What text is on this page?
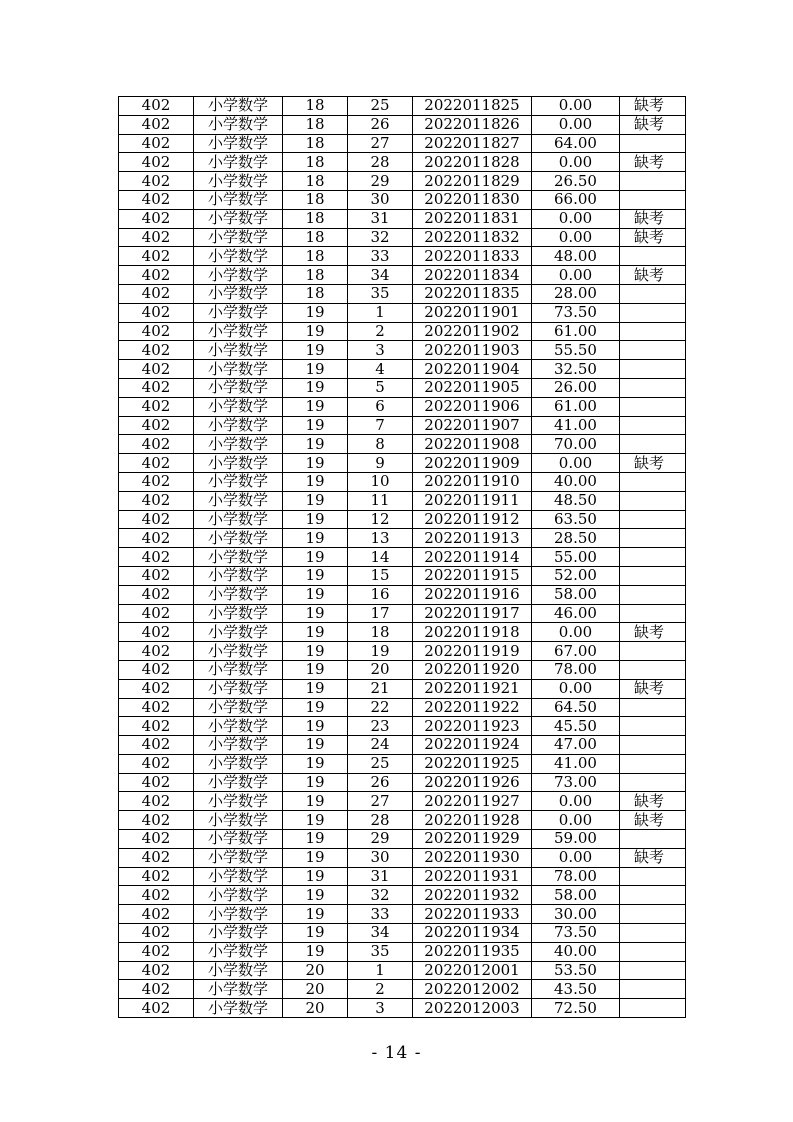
402	小学数学	18	25	2022011825	0.00	缺考
402	小学数学	18	26	2022011826	0.00	缺考
402	小学数学	18	27	2022011827	64.00	
402	小学数学	18	28	2022011828	0.00	缺考
402	小学数学	18	29	2022011829	26.50	
402	小学数学	18	30	2022011830	66.00	
402	小学数学	18	31	2022011831	0.00	缺考
402	小学数学	18	32	2022011832	0.00	缺考
402	小学数学	18	33	2022011833	48.00	
402	小学数学	18	34	2022011834	0.00	缺考
402	小学数学	18	35	2022011835	28.00	
402	小学数学	19	1	2022011901	73.50	
402	小学数学	19	2	2022011902	61.00	
402	小学数学	19	3	2022011903	55.50	
402	小学数学	19	4	2022011904	32.50	
402	小学数学	19	5	2022011905	26.00	
402	小学数学	19	6	2022011906	61.00	
402	小学数学	19	7	2022011907	41.00	
402	小学数学	19	8	2022011908	70.00	
402	小学数学	19	9	2022011909	0.00	缺考
402	小学数学	19	10	2022011910	40.00	
402	小学数学	19	11	2022011911	48.50	
402	小学数学	19	12	2022011912	63.50	
402	小学数学	19	13	2022011913	28.50	
402	小学数学	19	14	2022011914	55.00	
402	小学数学	19	15	2022011915	52.00	
402	小学数学	19	16	2022011916	58.00	
402	小学数学	19	17	2022011917	46.00	
402	小学数学	19	18	2022011918	0.00	缺考
402	小学数学	19	19	2022011919	67.00	
402	小学数学	19	20	2022011920	78.00	
402	小学数学	19	21	2022011921	0.00	缺考
402	小学数学	19	22	2022011922	64.50	
402	小学数学	19	23	2022011923	45.50	
402	小学数学	19	24	2022011924	47.00	
402	小学数学	19	25	2022011925	41.00	
402	小学数学	19	26	2022011926	73.00	
402	小学数学	19	27	2022011927	0.00	缺考
402	小学数学	19	28	2022011928	0.00	缺考
402	小学数学	19	29	2022011929	59.00	
402	小学数学	19	30	2022011930	0.00	缺考
402	小学数学	19	31	2022011931	78.00	
402	小学数学	19	32	2022011932	58.00	
402	小学数学	19	33	2022011933	30.00	
402	小学数学	19	34	2022011934	73.50	
402	小学数学	19	35	2022011935	40.00	
402	小学数学	20	1	2022012001	53.50	
402	小学数学	20	2	2022012002	43.50	
402	小学数学	20	3	2022012003	72.50	
- 14 -
